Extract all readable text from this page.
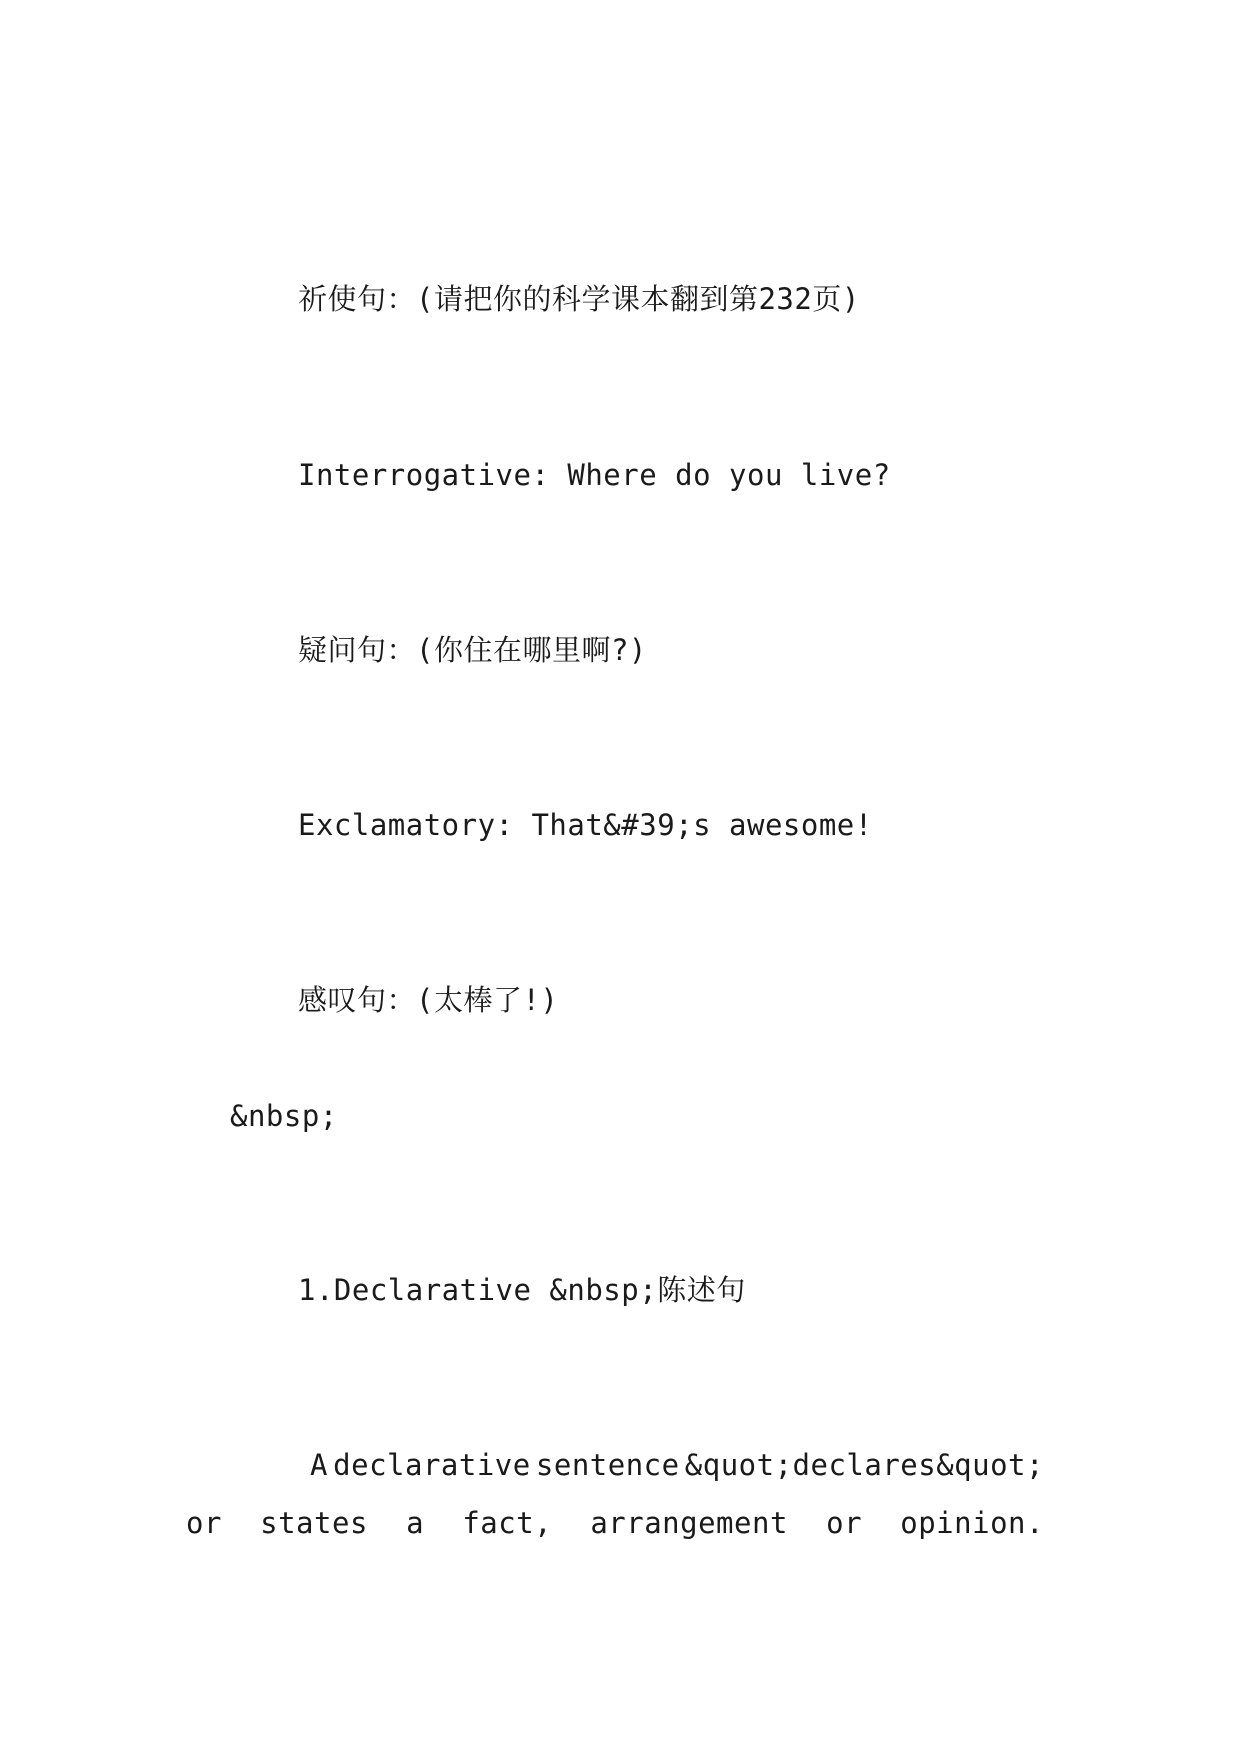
祈使句：(请把你的科学课本翻到第232页)
Interrogative: Where do you live?
疑问句：(你住在哪里啊?)
Exclamatory: That&#39;s awesome!
感叹句：(太棒了!)
&nbsp;
1.Declarative &nbsp;陈述句
A declarative sentence &quot;declares&quot;
or states a fact, arrangement or opinion.
